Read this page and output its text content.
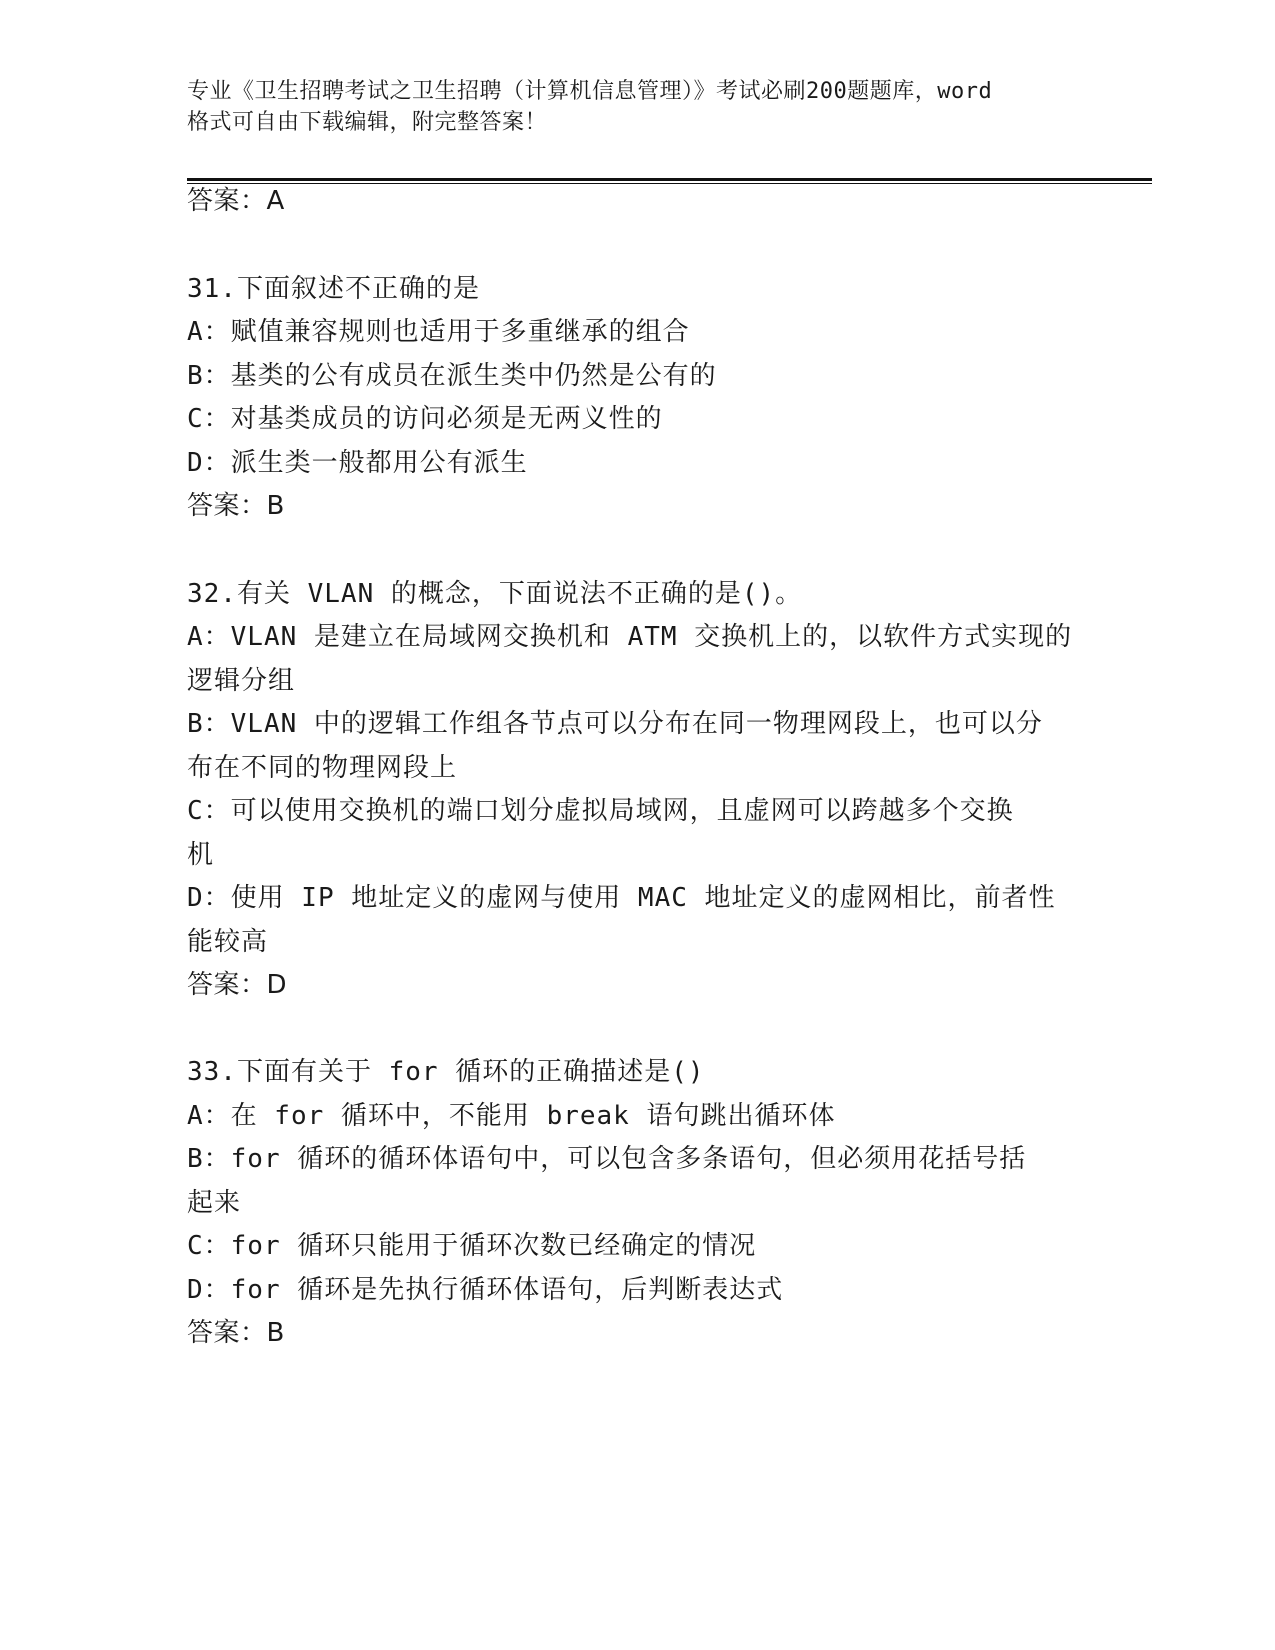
专业《卫生招聘考试之卫生招聘（计算机信息管理）》考试必刷200题题库，word
格式可自由下载编辑，附完整答案！
答案：A
31.下面叙述不正确的是
A：赋值兼容规则也适用于多重继承的组合
B：基类的公有成员在派生类中仍然是公有的
C：对基类成员的访问必须是无两义性的
D：派生类一般都用公有派生
答案：B
32.有关 VLAN 的概念，下面说法不正确的是()。
A：VLAN 是建立在局域网交换机和 ATM 交换机上的，以软件方式实现的
逻辑分组
B：VLAN 中的逻辑工作组各节点可以分布在同一物理网段上，也可以分
布在不同的物理网段上
C：可以使用交换机的端口划分虚拟局域网，且虚网可以跨越多个交换
机
D：使用 IP 地址定义的虚网与使用 MAC 地址定义的虚网相比，前者性
能较高
答案：D
33.下面有关于 for 循环的正确描述是()
A：在 for 循环中，不能用 break 语句跳出循环体
B：for 循环的循环体语句中，可以包含多条语句，但必须用花括号括
起来
C：for 循环只能用于循环次数已经确定的情况
D：for 循环是先执行循环体语句，后判断表达式
答案：B
